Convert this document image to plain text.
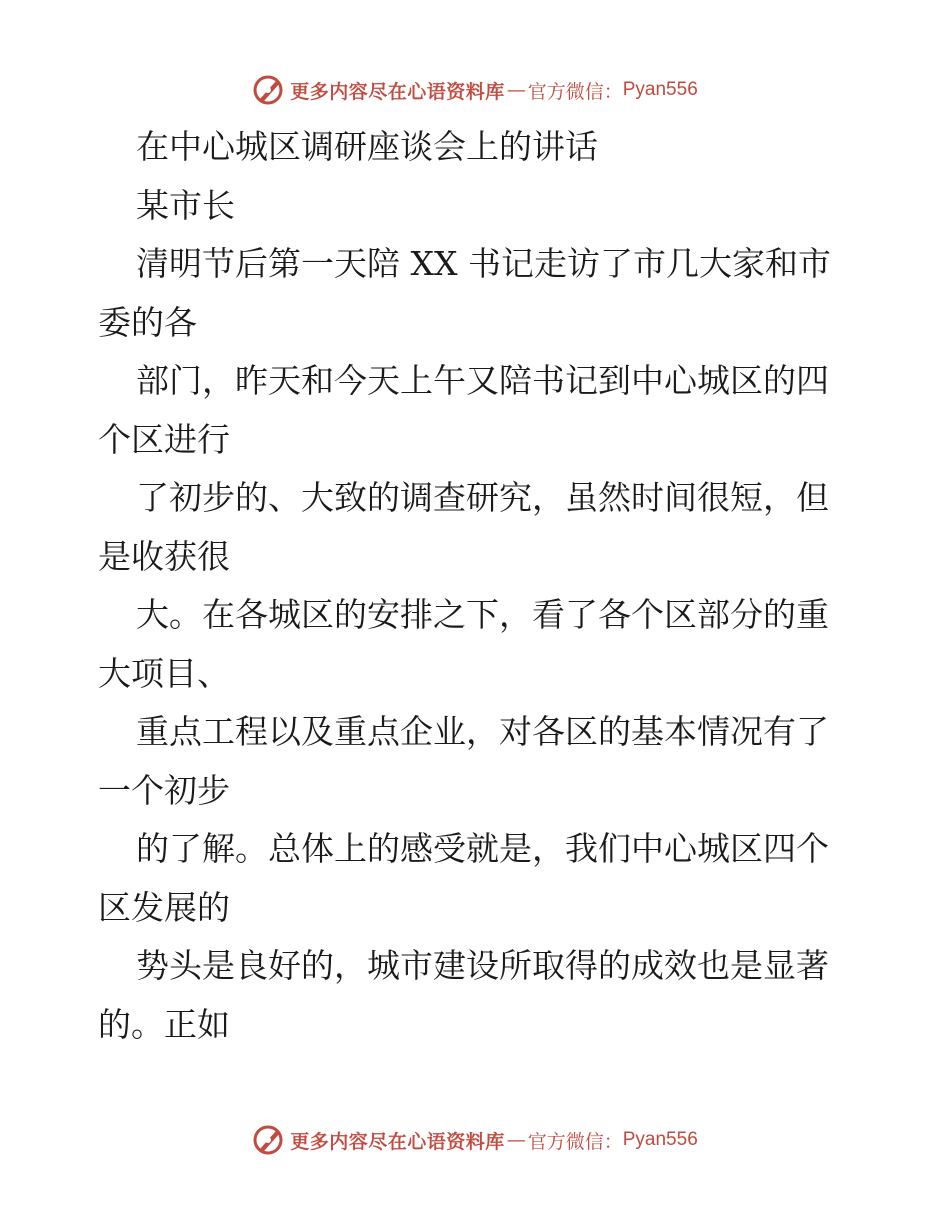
更多内容尽在心语资料库 — 官方微信： Pyan556
在中心城区调研座谈会上的讲话
某市长
清明节后第一天陪 XX 书记走访了市几大家和市
委的各
部门，昨天和今天上午又陪书记到中心城区的四
个区进行
了初步的、大致的调查研究，虽然时间很短，但
是收获很
大。在各城区的安排之下，看了各个区部分的重
大项目、
重点工程以及重点企业，对各区的基本情况有了
一个初步
的了解。总体上的感受就是，我们中心城区四个
区发展的
势头是良好的，城市建设所取得的成效也是显著
的。正如
更多内容尽在心语资料库 — 官方微信： Pyan556
